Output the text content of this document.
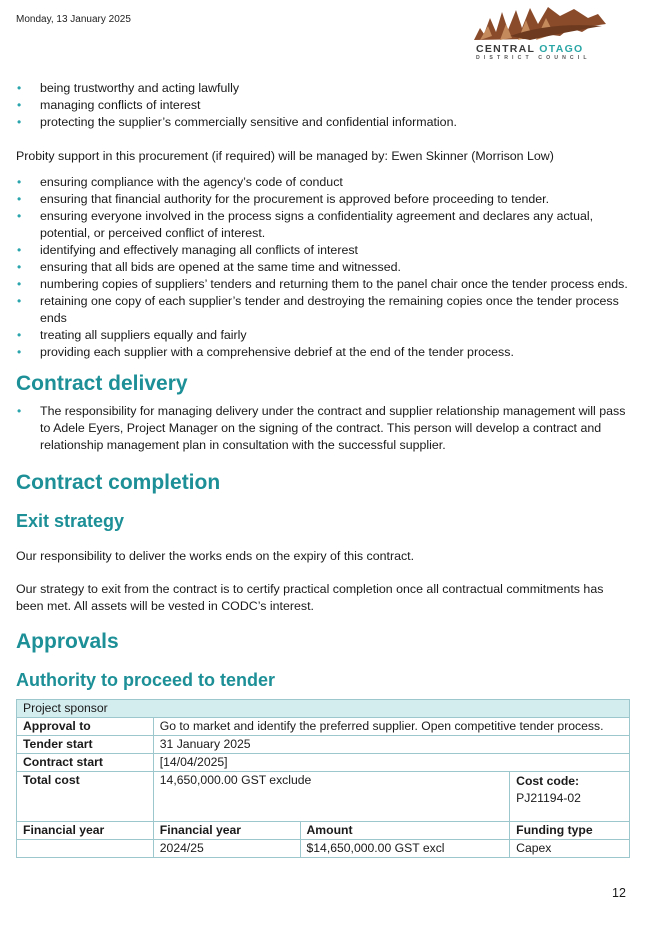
Monday, 13 January 2025
CENTRAL OTAGO
DISTRICT COUNCIL
• being trustworthy and acting lawfully
• managing conflicts of interest
• protecting the supplier’s commercially sensitive and confidential information.

Probity support in this procurement (if required) will be managed by: Ewen Skinner (Morrison Low)

• ensuring compliance with the agency’s code of conduct
• ensuring that financial authority for the procurement is approved before proceeding to tender.
• ensuring everyone involved in the process signs a confidentiality agreement and declares any actual, potential, or perceived conflict of interest.
• identifying and effectively managing all conflicts of interest
• ensuring that all bids are opened at the same time and witnessed.
• numbering copies of suppliers’ tenders and returning them to the panel chair once the tender process ends.
• retaining one copy of each supplier’s tender and destroying the remaining copies once the tender process ends
• treating all suppliers equally and fairly
• providing each supplier with a comprehensive debrief at the end of the tender process.
Contract delivery
• The responsibility for managing delivery under the contract and supplier relationship management will pass to Adele Eyers, Project Manager on the signing of the contract. This person will develop a contract and relationship management plan in consultation with the successful supplier.
Contract completion
Exit strategy

Our responsibility to deliver the works ends on the expiry of this contract.

Our strategy to exit from the contract is to certify practical completion once all contractual commitments has been met. All assets will be vested in CODC’s interest.

Approvals
Authority to proceed to tender
Project sponsor			
Approval to	Go to market and identify the preferred supplier. Open competitive tender process.		
Tender start	31 January 2025		
Contract start	[14/04/2025]		
Total cost	14,650,000.00 GST exclude		Cost code:
PJ21194-02
Financial year	Financial year	Amount	Funding type
	2024/25	$14,650,000.00 GST excl	Capex
12
